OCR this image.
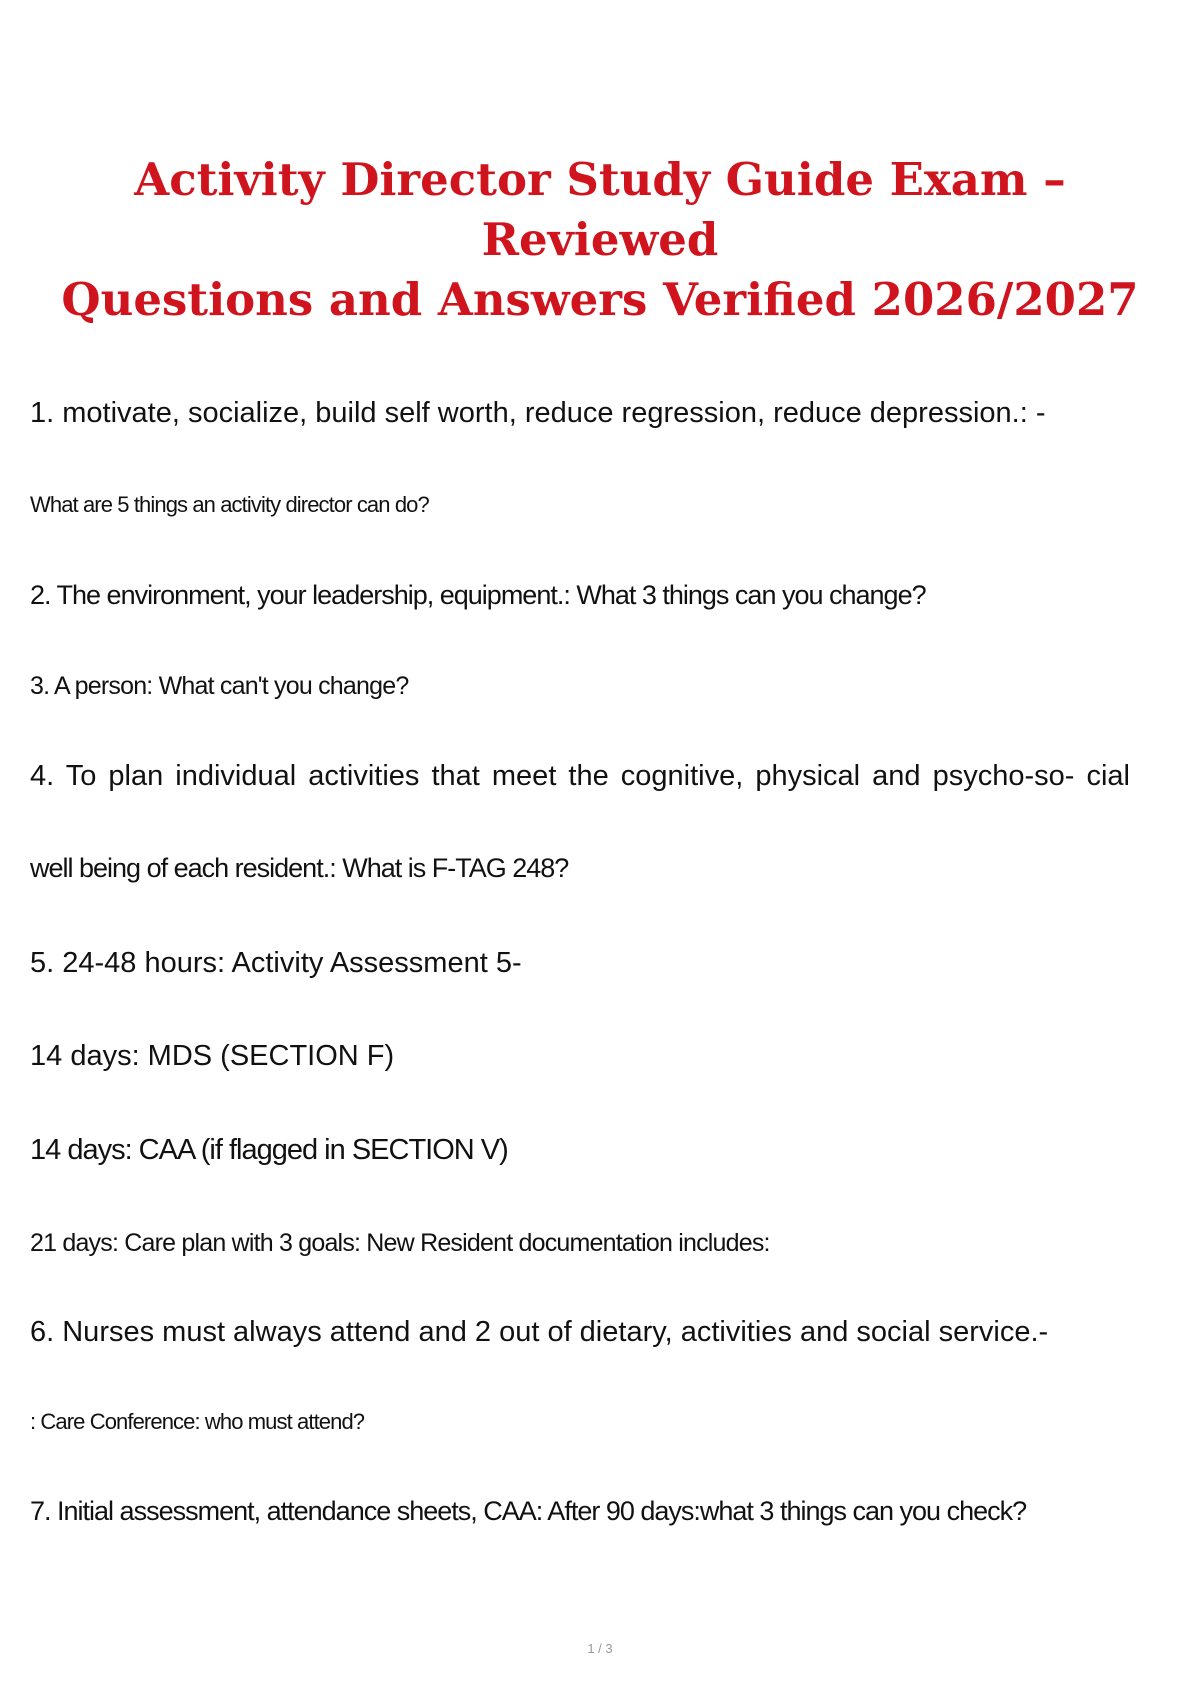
Activity Director Study Guide Exam – Reviewed
Questions and Answers Verified 2026/2027

1. motivate, socialize, build self worth, reduce regression, reduce depression.: -

What are 5 things an activity director can do?

2. The environment, your leadership, equipment.: What 3 things can you change?

3. A person: What can't you change?

4. To plan individual activities that meet the cognitive, physical and psycho-so- cial

well being of each resident.: What is F-TAG 248?

5. 24-48 hours: Activity Assessment 5-

14 days: MDS (SECTION F)

14 days: CAA (if flagged in SECTION V)

21 days: Care plan with 3 goals: New Resident documentation includes:

6. Nurses must always attend and 2 out of dietary, activities and social service.-

: Care Conference: who must attend?

7. Initial assessment, attendance sheets, CAA: After 90 days:what 3 things can you check?

1 / 3
